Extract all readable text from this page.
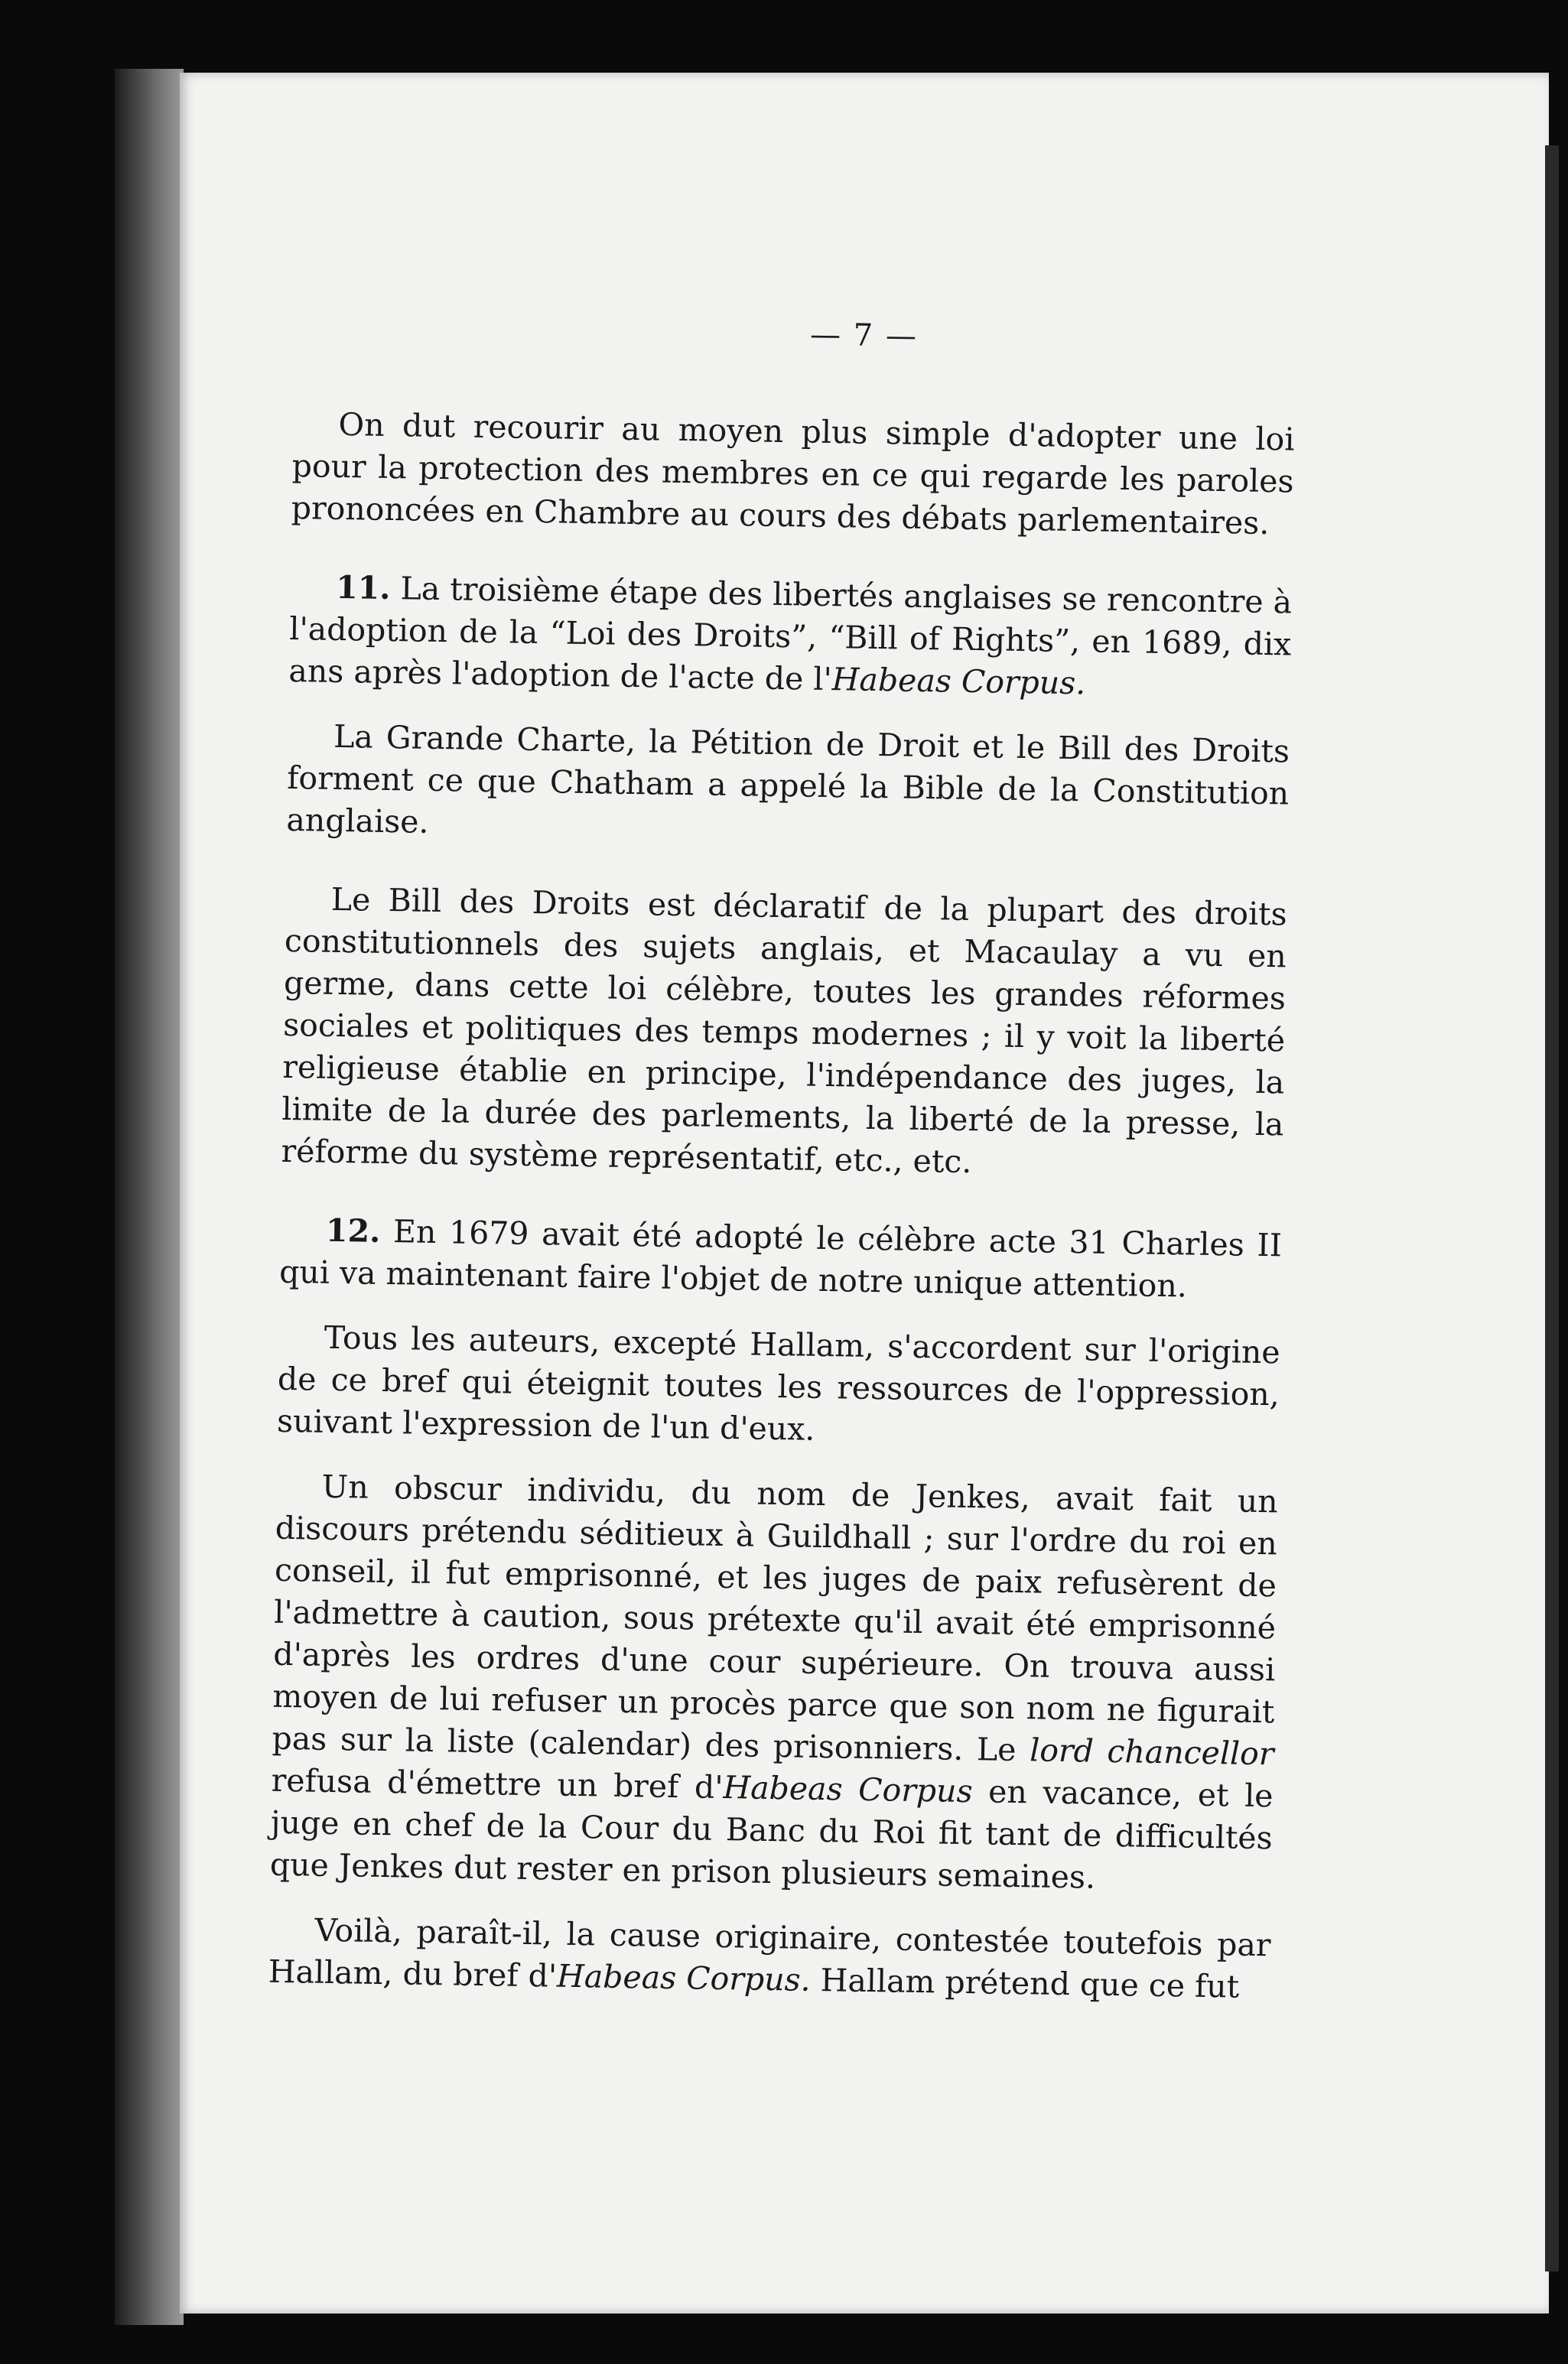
— 7 —

On dut recourir au moyen plus simple d'adopter une loi pour la protection des membres en ce qui regarde les paroles prononcées en Chambre au cours des débats parlementaires.

11. La troisième étape des libertés anglaises se rencontre à l'adoption de la “Loi des Droits”, “Bill of Rights”, en 1689, dix ans après l'adoption de l'acte de l'Habeas Corpus.

La Grande Charte, la Pétition de Droit et le Bill des Droits forment ce que Chatham a appelé la Bible de la Constitution anglaise.

Le Bill des Droits est déclaratif de la plupart des droits constitutionnels des sujets anglais, et Macaulay a vu en germe, dans cette loi célèbre, toutes les grandes réformes sociales et politiques des temps modernes ; il y voit la liberté religieuse établie en principe, l'indépendance des juges, la limite de la durée des parlements, la liberté de la presse, la réforme du système représentatif, etc., etc.

12. En 1679 avait été adopté le célèbre acte 31 Charles II qui va maintenant faire l'objet de notre unique attention.

Tous les auteurs, excepté Hallam, s'accordent sur l'origine de ce bref qui éteignit toutes les ressources de l'oppression, suivant l'expression de l'un d'eux.

Un obscur individu, du nom de Jenkes, avait fait un discours prétendu séditieux à Guildhall ; sur l'ordre du roi en conseil, il fut emprisonné, et les juges de paix refusèrent de l'admettre à caution, sous prétexte qu'il avait été emprisonné d'après les ordres d'une cour supérieure. On trouva aussi moyen de lui refuser un procès parce que son nom ne figurait pas sur la liste (calendar) des prisonniers. Le lord chancellor refusa d'émettre un bref d'Habeas Corpus en vacance, et le juge en chef de la Cour du Banc du Roi fit tant de difficultés que Jenkes dut rester en prison plusieurs semaines.

Voilà, paraît-il, la cause originaire, contestée toutefois par Hallam, du bref d'Habeas Corpus. Hallam prétend que ce fut
